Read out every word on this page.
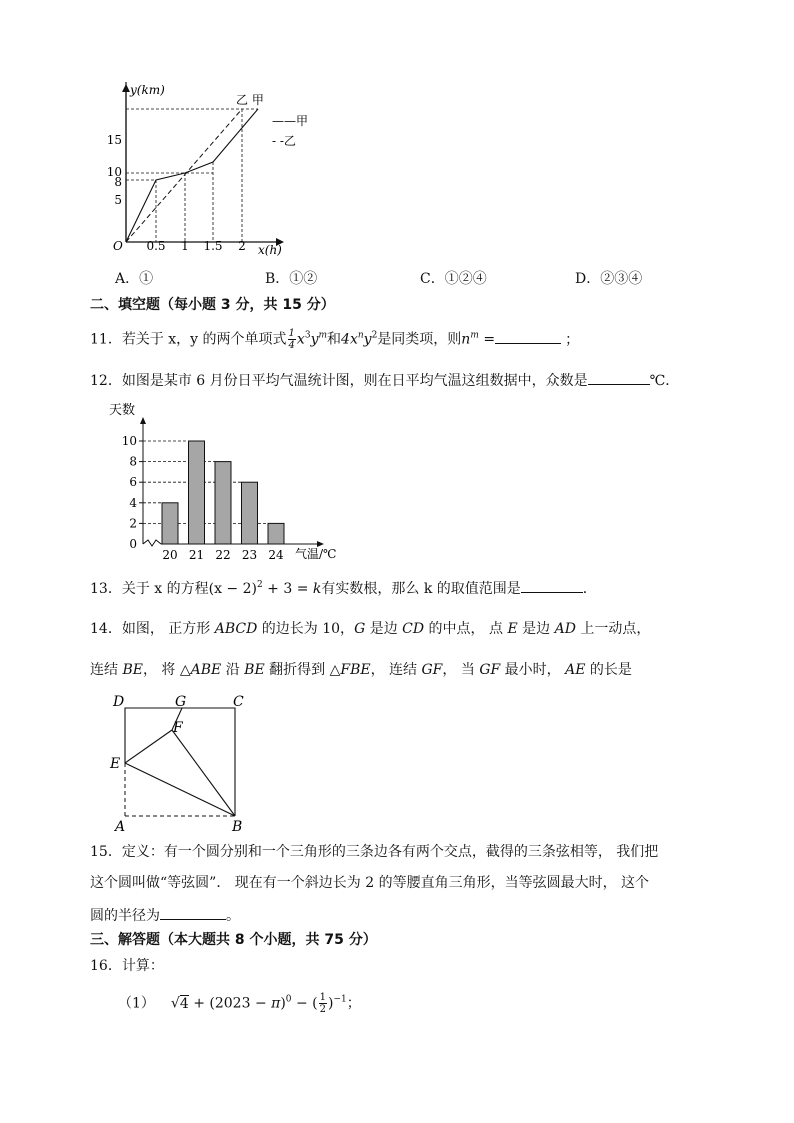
y(km)
x(h)
O
5
8
10
15
0.5 1 1.5 2
乙 甲
——甲
- -乙
A．①	B．①②	C．①②④	D．②③④
二、填空题（每小题 3 分，共 15 分）
11．若关于 x，y 的两个单项式 $\frac{1}{4} x^3y^m$和$4x^ny^2$是同类项，则$n^m$ =	；
12．如图是某市 6 月份日平均气温统计图，则在日平均气温这组数据中，众数是	℃．
天数
0
2
4
6
8
10
20 21 22 23 24 气温/℃
13．关于 x 的方程$(x - 2)^2 + 3 = k$有实数根，那么 k 的取值范围是	．
14．如图， 正方形 ABCD 的边长为 10，G 是边 CD 的中点， 点 E 是边 AD 上一动点，
连结 BE， 将 △ABE 沿 BE 翻折得到 △FBE， 连结 GF， 当 GF 最小时， AE 的长是
D	G	C
F
E
A	B
15．定义：有一个圆分别和一个三角形的三条边各有两个交点，截得的三条弦相等， 我们把
这个圆叫做“等弦圆”． 现在有一个斜边长为 2 的等腰直角三角形，当等弦圆最大时， 这个
圆的半径为	。
三、解答题（本大题共 8 个小题，共 75 分）
16．计算：
（1） $√4 + (2023 - \pi)^0$ − ( $\frac{1}{2} )^{-1}$；
